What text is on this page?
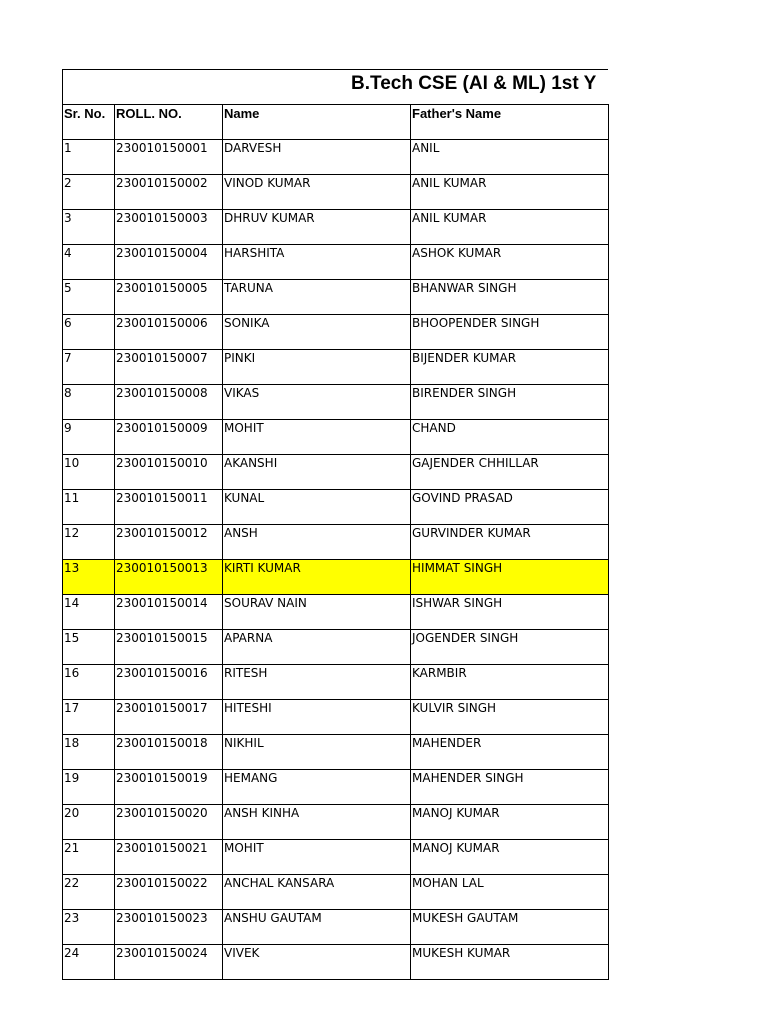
B.Tech CSE (AI & ML) 1st Y
Sr. No.	ROLL. NO.	Name	Father's Name
1	230010150001	DARVESH	ANIL
2	230010150002	VINOD KUMAR	ANIL KUMAR
3	230010150003	DHRUV KUMAR	ANIL KUMAR
4	230010150004	HARSHITA	ASHOK KUMAR
5	230010150005	TARUNA	BHANWAR SINGH
6	230010150006	SONIKA	BHOOPENDER SINGH
7	230010150007	PINKI	BIJENDER KUMAR
8	230010150008	VIKAS	BIRENDER SINGH
9	230010150009	MOHIT	CHAND
10	230010150010	AKANSHI	GAJENDER CHHILLAR
11	230010150011	KUNAL	GOVIND PRASAD
12	230010150012	ANSH	GURVINDER KUMAR
13	230010150013	KIRTI KUMAR	HIMMAT SINGH
14	230010150014	SOURAV NAIN	ISHWAR SINGH
15	230010150015	APARNA	JOGENDER SINGH
16	230010150016	RITESH	KARMBIR
17	230010150017	HITESHI	KULVIR SINGH
18	230010150018	NIKHIL	MAHENDER
19	230010150019	HEMANG	MAHENDER SINGH
20	230010150020	ANSH KINHA	MANOJ KUMAR
21	230010150021	MOHIT	MANOJ KUMAR
22	230010150022	ANCHAL KANSARA	MOHAN LAL
23	230010150023	ANSHU GAUTAM	MUKESH GAUTAM
24	230010150024	VIVEK	MUKESH KUMAR
